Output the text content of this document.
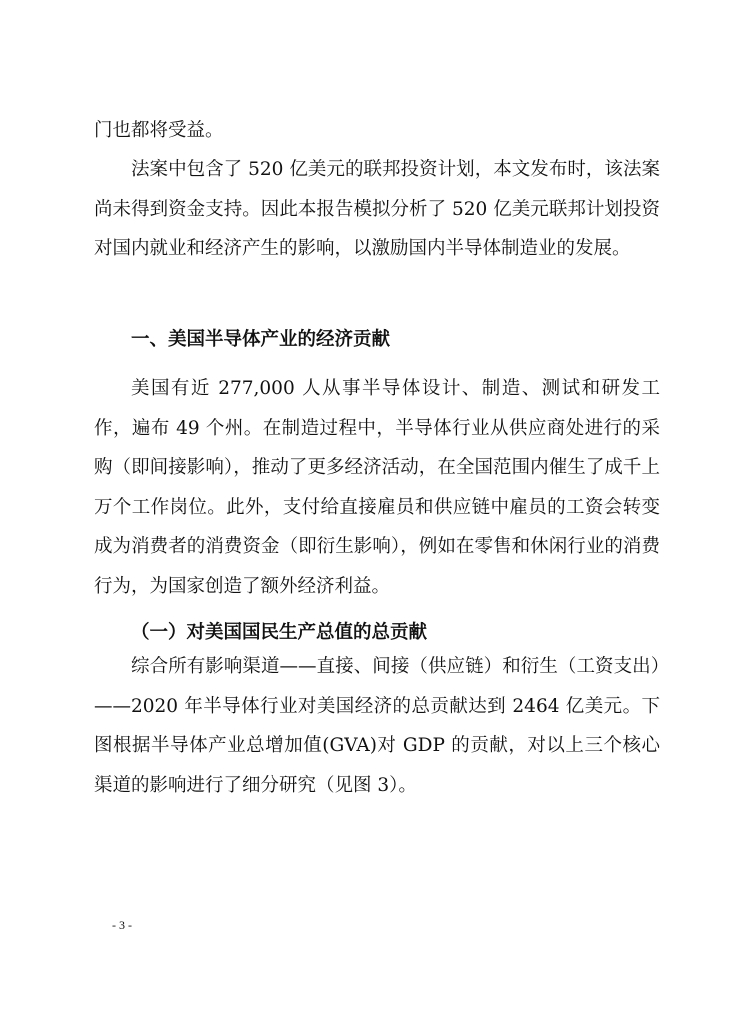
门也都将受益。

法案中包含了 520 亿美元的联邦投资计划，本文发布时，该法案尚未得到资金支持。因此本报告模拟分析了 520 亿美元联邦计划投资对国内就业和经济产生的影响，以激励国内半导体制造业的发展。

一、美国半导体产业的经济贡献

美国有近 277,000 人从事半导体设计、制造、测试和研发工作，遍布 49 个州。在制造过程中，半导体行业从供应商处进行的采购（即间接影响），推动了更多经济活动，在全国范围内催生了成千上万个工作岗位。此外，支付给直接雇员和供应链中雇员的工资会转变成为消费者的消费资金（即衍生影响），例如在零售和休闲行业的消费行为，为国家创造了额外经济利益。

（一）对美国国民生产总值的总贡献

综合所有影响渠道——直接、间接（供应链）和衍生（工资支出）——2020 年半导体行业对美国经济的总贡献达到 2464 亿美元。下图根据半导体产业总增加值(GVA)对 GDP 的贡献，对以上三个核心渠道的影响进行了细分研究（见图 3）。

- 3 -
